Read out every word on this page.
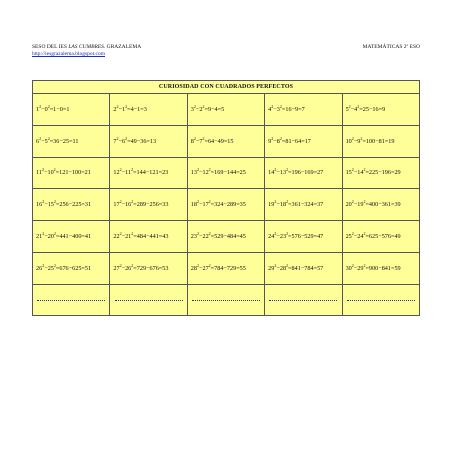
SESO DEL IES LAS CUMBRES. GRAZALEMA
http://iesgrazalema.blogspot.com
MATEMÁTICAS 2º ESO
CURIOSIDAD CON CUADRADOS PERFECTOS				
$1^2-0^2=1-0=1$	$2^2-1^2=4-1=3$	$3^2-2^2=9-4=5$	$4^2-3^2=16-9=7$	$5^2-4^2=25-16=9$
$6^2-5^2=36-25=11$	$7^2-6^2=49-36=13$	$8^2-7^2=64-49=15$	$9^2-8^2=81-64=17$	$10^2-9^2=100-81=19$
$11^2-10^2=121-100=21$	$12^2-11^2=144-121=23$	$13^2-12^2=169-144=25$	$14^2-13^2=196-169=27$	$15^2-14^2=225-196=29$
$16^2-15^2=256-225=31$	$17^2-16^2=289-256=33$	$18^2-17^2=324-289=35$	$19^2-18^2=361-324=37$	$20^2-19^2=400-361=39$
$21^2-20^2=441-400=41$	$22^2-21^2=484-441=43$	$23^2-22^2=529-484=45$	$24^2-23^2=576-529=47$	$25^2-24^2=625-576=49$
$26^2-25^2=676-625=51$	$27^2-26^2=729-676=53$	$28^2-27^2=784-729=55$	$29^2-28^2=841-784=57$	$30^2-29^2=900-841=59$
